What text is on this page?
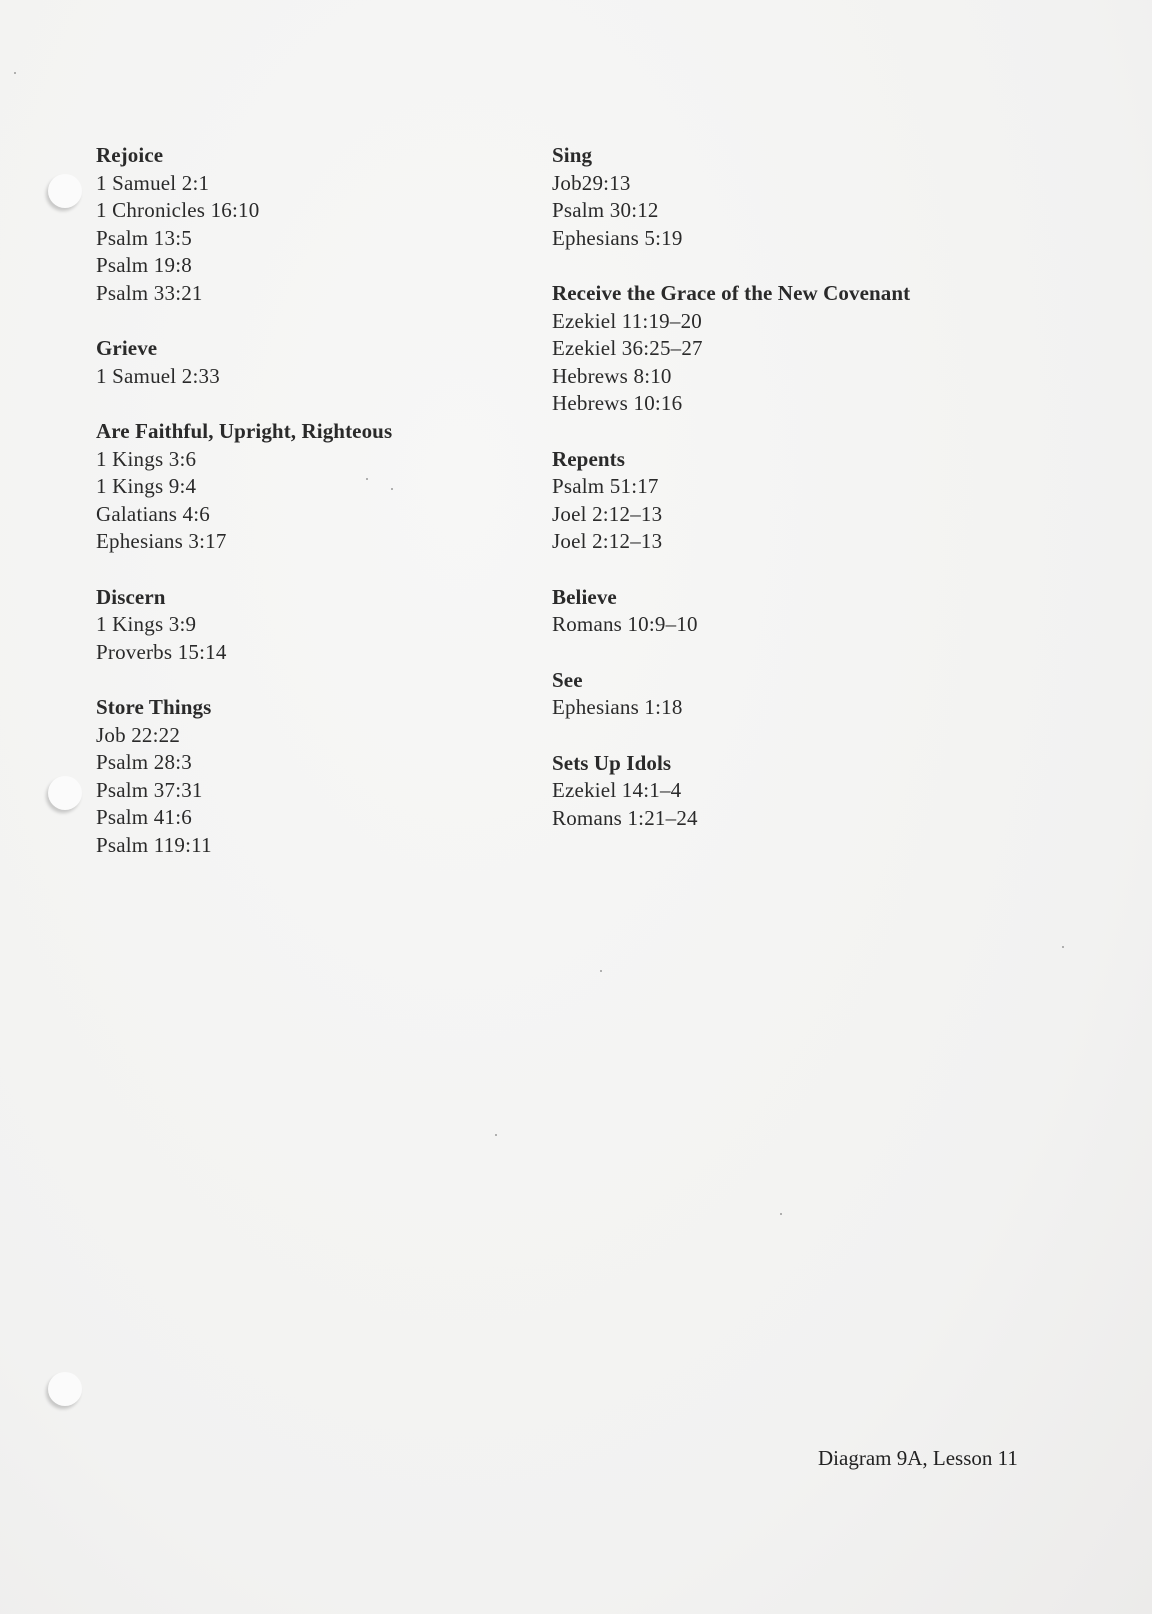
Rejoice
1 Samuel 2:1
1 Chronicles 16:10
Psalm 13:5
Psalm 19:8
Psalm 33:21
Grieve
1 Samuel 2:33
Are Faithful, Upright, Righteous
1 Kings 3:6
1 Kings 9:4
Galatians 4:6
Ephesians 3:17
Discern
1 Kings 3:9
Proverbs 15:14
Store Things
Job 22:22
Psalm 28:3
Psalm 37:31
Psalm 41:6
Psalm 119:11
Sing
Job29:13
Psalm 30:12
Ephesians 5:19
Receive the Grace of the New Covenant
Ezekiel 11:19–20
Ezekiel 36:25–27
Hebrews 8:10
Hebrews 10:16
Repents
Psalm 51:17
Joel 2:12–13
Joel 2:12–13
Believe
Romans 10:9–10
See
Ephesians 1:18
Sets Up Idols
Ezekiel 14:1–4
Romans 1:21–24
Diagram 9A, Lesson 11
